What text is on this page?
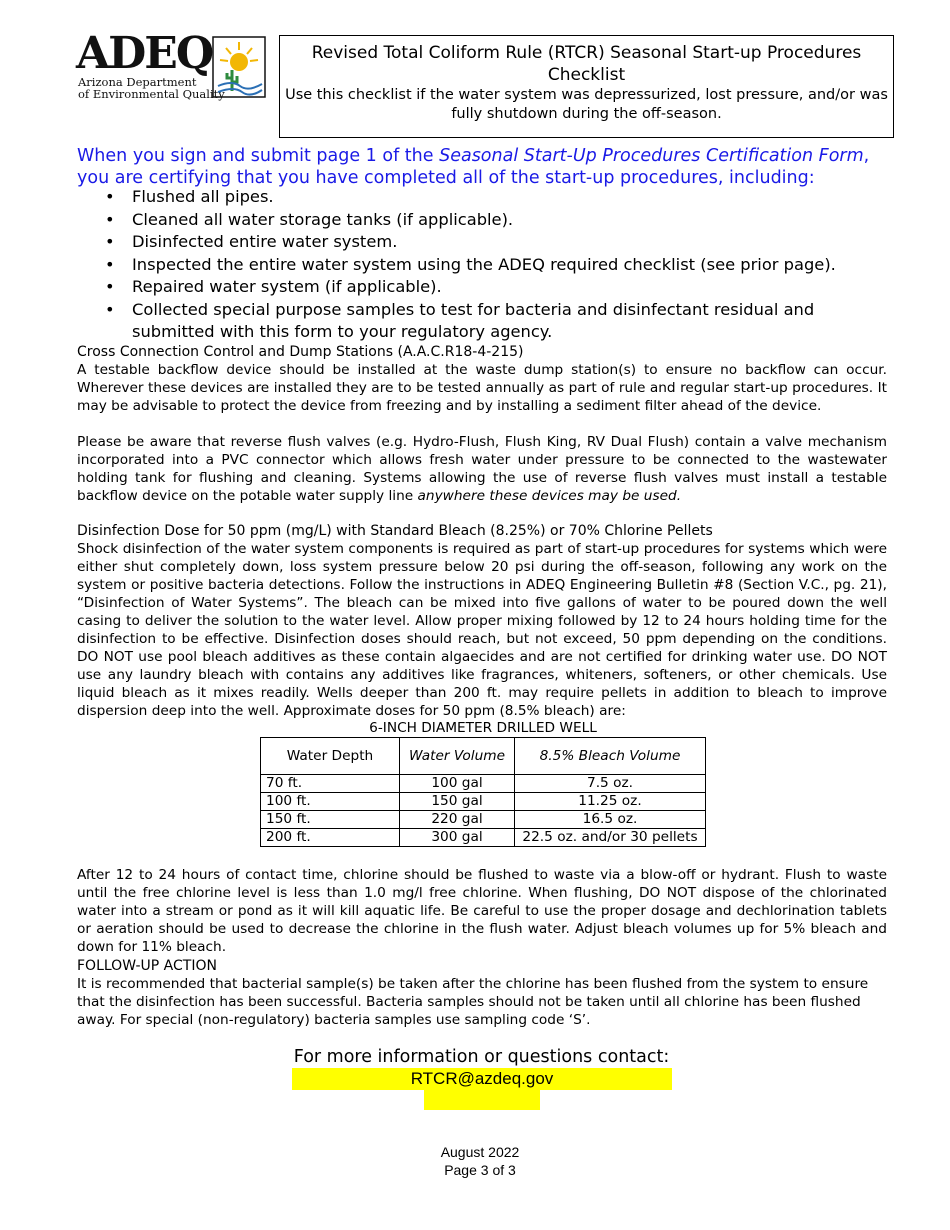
ADEQ
Arizona Department
of Environmental Quality
Revised Total Coliform Rule (RTCR) Seasonal Start-up Procedures Checklist
Use this checklist if the water system was depressurized, lost pressure, and/or was fully shutdown during the off-season.
When you sign and submit page 1 of the Seasonal Start-Up Procedures Certification Form, you are certifying that you have completed all of the start-up procedures, including:
• Flushed all pipes.
• Cleaned all water storage tanks (if applicable).
• Disinfected entire water system.
• Inspected the entire water system using the ADEQ required checklist (see prior page).
• Repaired water system (if applicable).
• Collected special purpose samples to test for bacteria and disinfectant residual and submitted with this form to your regulatory agency.
Cross Connection Control and Dump Stations (A.A.C.R18-4-215)

A testable backflow device should be installed at the waste dump station(s) to ensure no backflow can occur. Wherever these devices are installed they are to be tested annually as part of rule and regular start-up procedures. It may be advisable to protect the device from freezing and by installing a sediment filter ahead of the device.

Please be aware that reverse flush valves (e.g. Hydro-Flush, Flush King, RV Dual Flush) contain a valve mechanism incorporated into a PVC connector which allows fresh water under pressure to be connected to the wastewater holding tank for flushing and cleaning. Systems allowing the use of reverse flush valves must install a testable backflow device on the potable water supply line anywhere these devices may be used.

Disinfection Dose for 50 ppm (mg/L) with Standard Bleach (8.25%) or 70% Chlorine Pellets

Shock disinfection of the water system components is required as part of start-up procedures for systems which were either shut completely down, loss system pressure below 20 psi during the off-season, following any work on the system or positive bacteria detections. Follow the instructions in ADEQ Engineering Bulletin #8 (Section V.C., pg. 21), “Disinfection of Water Systems”. The bleach can be mixed into five gallons of water to be poured down the well casing to deliver the solution to the water level. Allow proper mixing followed by 12 to 24 hours holding time for the disinfection to be effective. Disinfection doses should reach, but not exceed, 50 ppm depending on the conditions. DO NOT use pool bleach additives as these contain algaecides and are not certified for drinking water use. DO NOT use any laundry bleach with contains any additives like fragrances, whiteners, softeners, or other chemicals. Use liquid bleach as it mixes readily. Wells deeper than 200 ft. may require pellets in addition to bleach to improve dispersion deep into the well. Approximate doses for 50 ppm (8.5% bleach) are:

6-INCH DIAMETER DRILLED WELL
Water Depth	Water Volume	8.5% Bleach Volume
70 ft.	100 gal	7.5 oz.
100 ft.	150 gal	11.25 oz.
150 ft.	220 gal	16.5 oz.
200 ft.	300 gal	22.5 oz. and/or 30 pellets

After 12 to 24 hours of contact time, chlorine should be flushed to waste via a blow-off or hydrant. Flush to waste until the free chlorine level is less than 1.0 mg/l free chlorine. When flushing, DO NOT dispose of the chlorinated water into a stream or pond as it will kill aquatic life. Be careful to use the proper dosage and dechlorination tablets or aeration should be used to decrease the chlorine in the flush water. Adjust bleach volumes up for 5% bleach and down for 11% bleach.

FOLLOW-UP ACTION

It is recommended that bacterial sample(s) be taken after the chlorine has been flushed from the system to ensure that the disinfection has been successful. Bacteria samples should not be taken until all chlorine has been flushed away. For special (non-regulatory) bacteria samples use sampling code ‘S’.

For more information or questions contact:
RTCR@azdeq.gov
August 2022
Page 3 of 3
